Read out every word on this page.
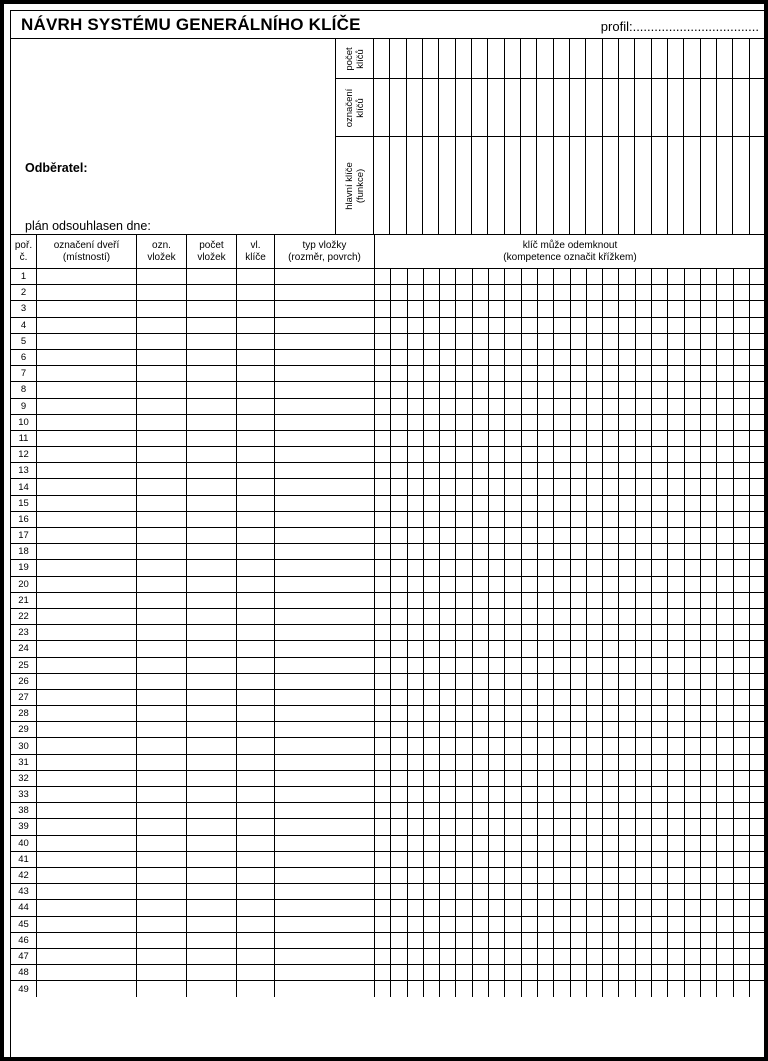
NÁVRH SYSTÉMU GENERÁLNÍHO KLÍČE	profil:...................................
Odběratel:
plán odsouhlasen dne:
počet
klíčů
označení
klíčů
hlavní klíče
(funkce)
poř.
č.
označení dveří
(místností)
ozn.
vložek
počet
vložek
vl.
klíče
typ vložky
(rozměr, povrch)
klíč může odemknout
(kompetence označit křížkem)
1
2
3
4
5
6
7
8
9
10
11
12
13
14
15
16
17
18
19
20
21
22
23
24
25
26
27
28
29
30
31
32
33
38
39
40
41
42
43
44
45
46
47
48
49
